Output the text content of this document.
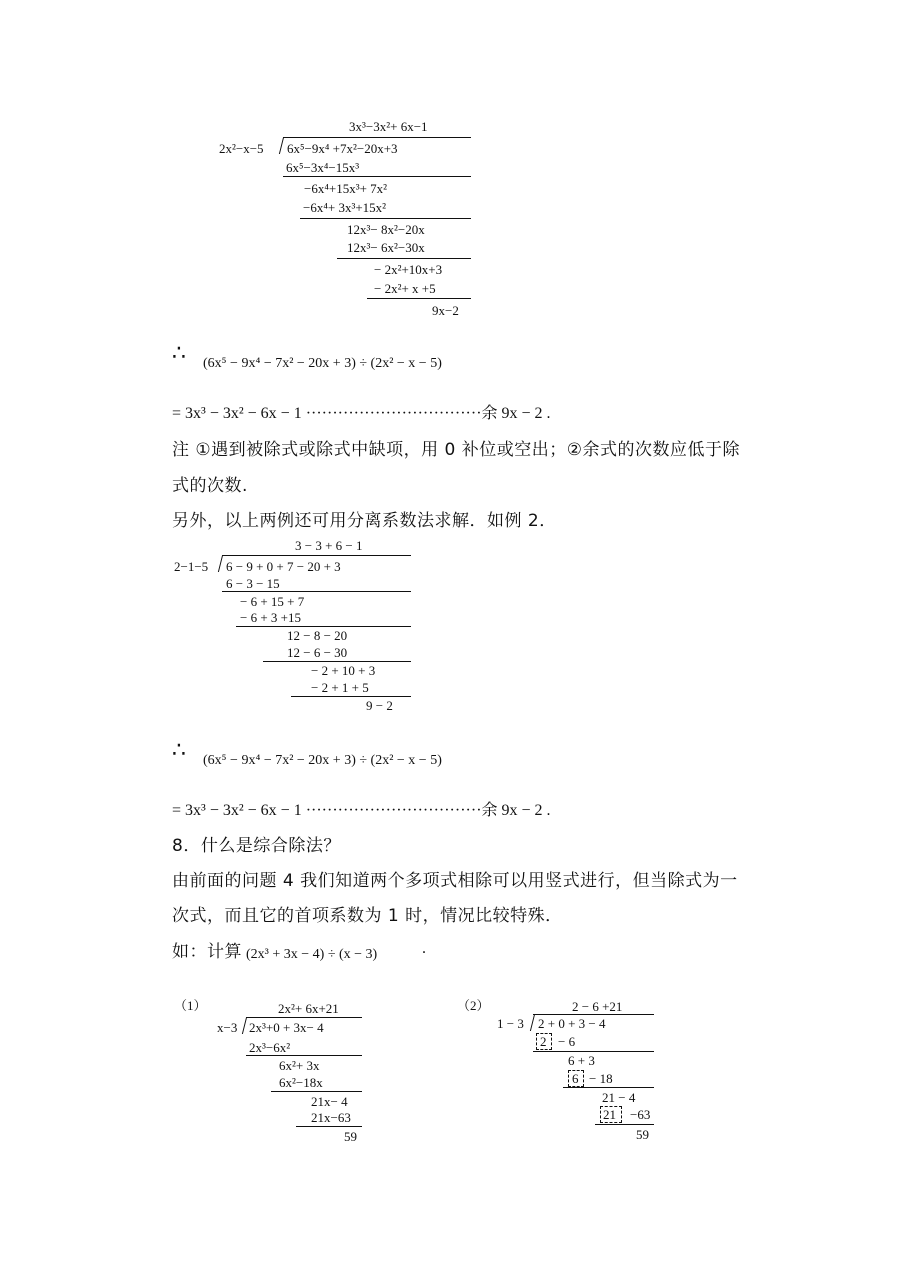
3x³−3x²+ 6x−1
2x²−x−5 6x⁵−9x⁴ +7x²−20x+3
6x⁵−3x⁴−15x³
−6x⁴+15x³+ 7x²
−6x⁴+ 3x³+15x²
12x³− 8x²−20x
12x³− 6x²−30x
− 2x²+10x+3
− 2x²+ x +5
9x−2
∴ (6x⁵ − 9x⁴ − 7x² − 20x + 3) ÷ (2x² − x − 5)
= 3x³ − 3x² − 6x − 1 ·································余 9x − 2 .
注 ①遇到被除式或除式中缺项，用 0 补位或空出；②余式的次数应低于除
式的次数.
另外，以上两例还可用分离系数法求解．如例 2．
3 − 3 + 6 − 1
2−1−5 6 − 9 + 0 + 7 − 20 + 3
6 − 3 − 15
− 6 + 15 + 7
− 6 + 3 +15
12 − 8 − 20
12 − 6 − 30
− 2 + 10 + 3
− 2 + 1 + 5
9 − 2
∴ (6x⁵ − 9x⁴ − 7x² − 20x + 3) ÷ (2x² − x − 5)
= 3x³ − 3x² − 6x − 1 ·································余 9x − 2 .
8．什么是综合除法？
由前面的问题 4 我们知道两个多项式相除可以用竖式进行，但当除式为一
次式，而且它的首项系数为 1 时，情况比较特殊．
如：计算 (2x³ + 3x − 4) ÷ (x − 3)	.
（1）	2x²+ 6x+21
x−3 2x³+0 + 3x− 4
2x³−6x²
6x²+ 3x
6x²−18x
21x− 4
21x−63
59
（2）	2 − 6 +21
1 − 3 2 + 0 + 3 − 4
2 − 6
6 + 3
6 − 18
21 − 4
21 −63
59
